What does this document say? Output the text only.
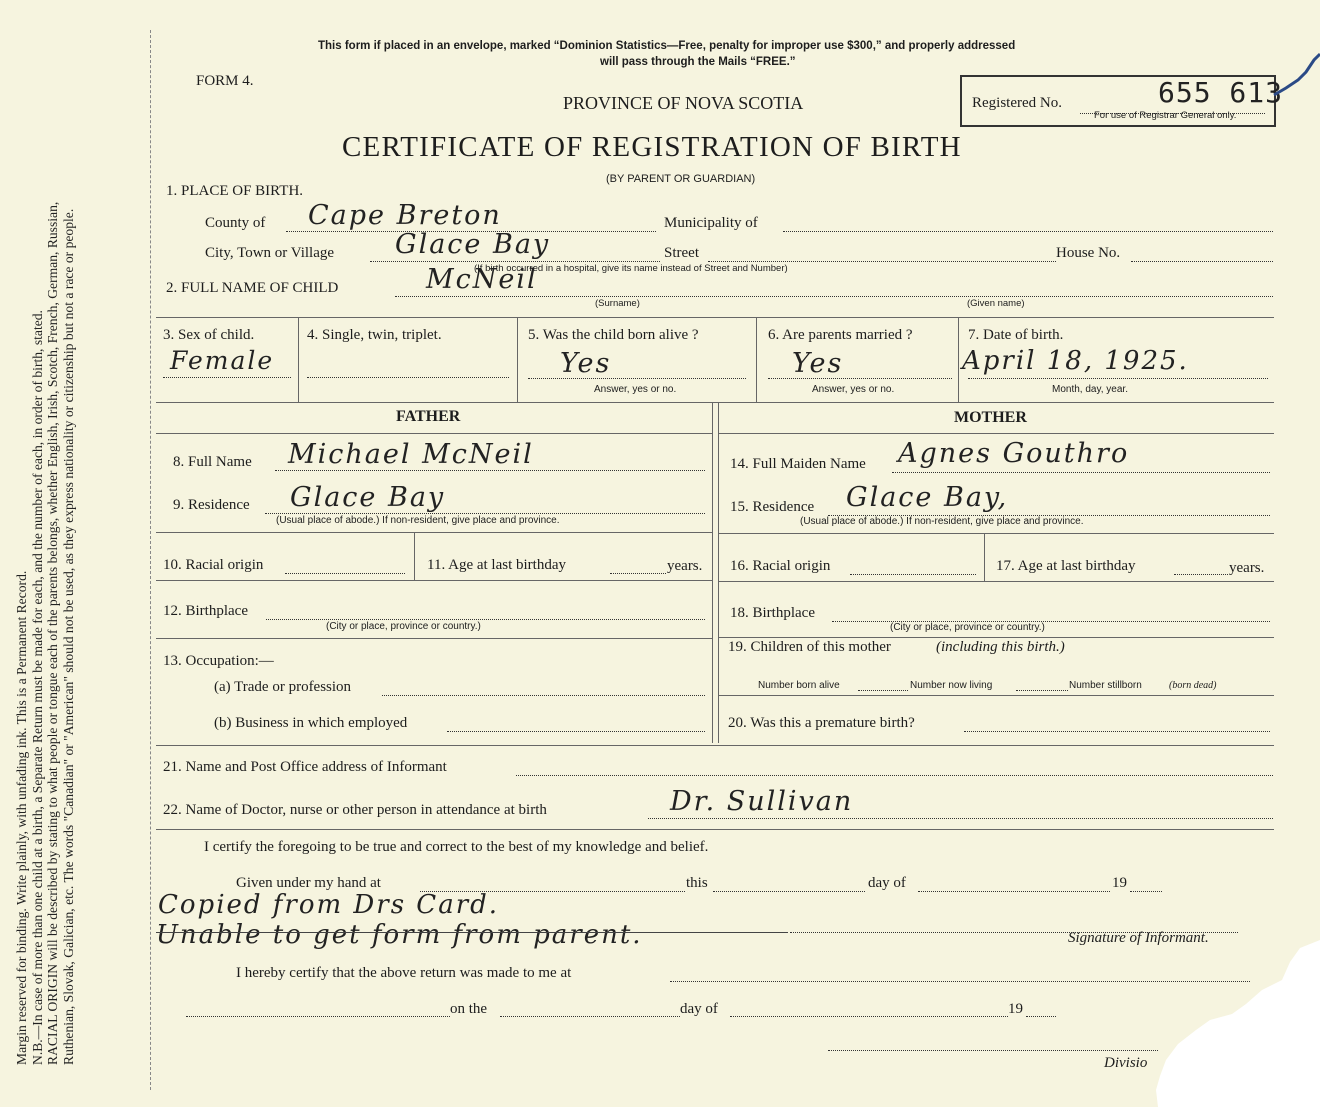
Margin reserved for binding. Write plainly, with unfading ink. This is a Permanent Record. N.B.—In case of more than one child at a birth, a Separate Return must be made for each, and the number of each, in order of birth, stated. RACIAL ORIGIN will be described by stating to what people or tongue each of the parents belongs, whether English, Irish, Scotch, French, German, Russian, Ruthenian, Slovak, Galician, etc. The words "Canadian" or "American" should not be used, as they express nationality or citizenship but not a race or people.
This form if placed in an envelope, marked “Dominion Statistics—Free, penalty for improper use $300,” and properly addressed
will pass through the Mails “FREE.”
FORM 4.
PROVINCE OF NOVA SCOTIA	Registered No.	655 613
For use of Registrar General only.
CERTIFICATE OF REGISTRATION OF BIRTH
(BY PARENT OR GUARDIAN)
1. PLACE OF BIRTH.
County of Cape Breton	Municipality of
City, Town or Village Glace Bay	Street	House No.
(If birth occurred in a hospital, give its name instead of Street and Number)
2. FULL NAME OF CHILD	McNeil
(Surname)	(Given name)
3. Sex of child.
Female
4. Single, twin, triplet.	5. Was the child born alive ?
Yes
Answer, yes or no.
6. Are parents married ?
Yes
Answer, yes or no.
7. Date of birth.
April 18, 1925.
Month, day, year.
FATHER	MOTHER
8. Full Name Michael McNeil
9. Residence Glace Bay
(Usual place of abode.) If non-resident, give place and province.
10. Racial origin	11. Age at last birthday	years.
12. Birthplace
(City or place, province or country.)
13. Occupation:—
(a) Trade or profession
(b) Business in which employed
14. Full Maiden Name Agnes Gouthro
15. Residence Glace Bay,
(Usual place of abode.) If non-resident, give place and province.
16. Racial origin	17. Age at last birthday	years.
18. Birthplace
(City or place, province or country.)
19. Children of this mother	(including this birth.)
Number born alive	Number now living	Number stillborn	(born dead)
20. Was this a premature birth?
21. Name and Post Office address of Informant
22. Name of Doctor, nurse or other person in attendance at birth	Dr. Sullivan
I certify the foregoing to be true and correct to the best of my knowledge and belief.
Given under my hand at	this	day of	19
Copied from Drs Card.
Unable to get form from parent.	Signature of Informant.
I hereby certify that the above return was made to me at
on the	day of	19
Divisio
